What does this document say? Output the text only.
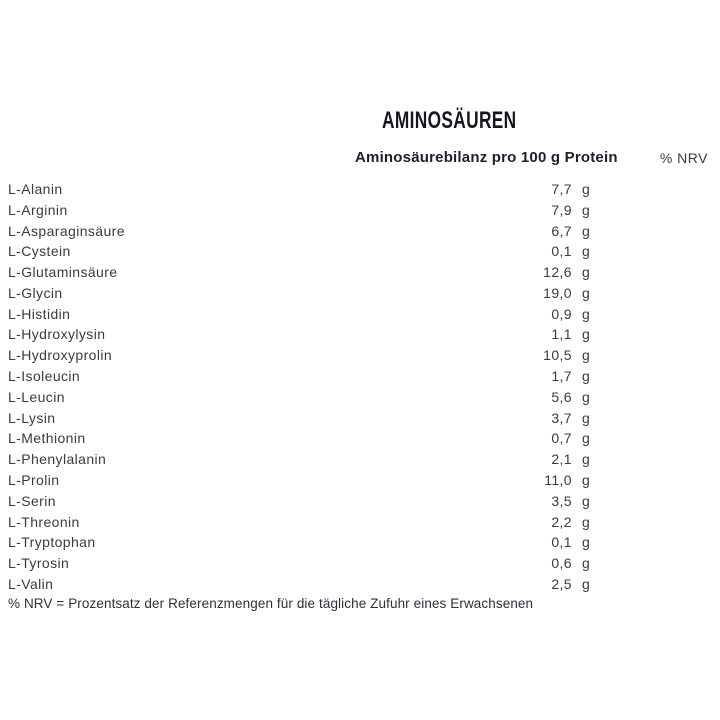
AMINOSÄUREN
Aminosäurebilanz pro 100 g Protein	% NRV
L-Alanin	7,7 g
L-Arginin	7,9 g
L-Asparaginsäure	6,7 g
L-Cystein	0,1 g
L-Glutaminsäure	12,6 g
L-Glycin	19,0 g
L-Histidin	0,9 g
L-Hydroxylysin	1,1 g
L-Hydroxyprolin	10,5 g
L-Isoleucin	1,7 g
L-Leucin	5,6 g
L-Lysin	3,7 g
L-Methionin	0,7 g
L-Phenylalanin	2,1 g
L-Prolin	11,0 g
L-Serin	3,5 g
L-Threonin	2,2 g
L-Tryptophan	0,1 g
L-Tyrosin	0,6 g
L-Valin	2,5 g
% NRV = Prozentsatz der Referenzmengen für die tägliche Zufuhr eines Erwachsenen
